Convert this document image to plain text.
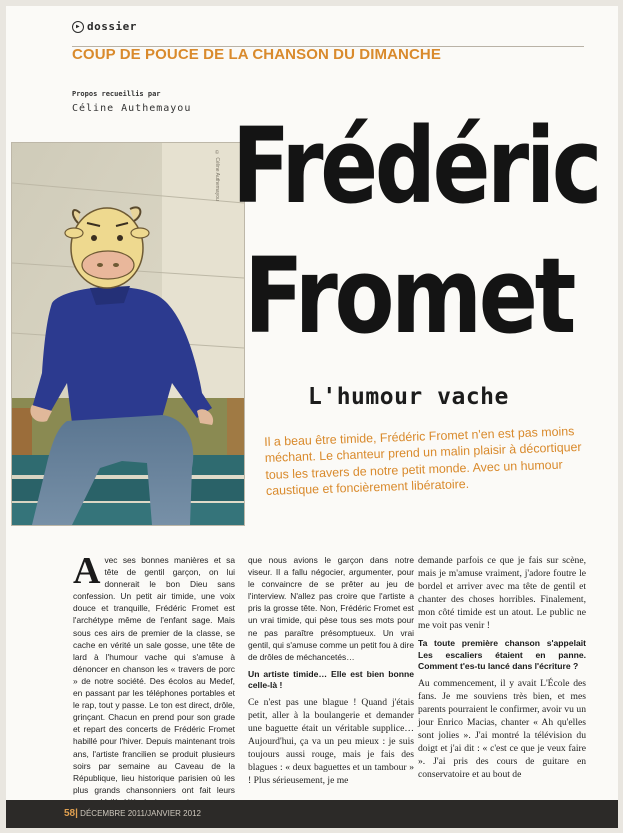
▶ dossier
COUP DE POUCE DE LA CHANSON DU DIMANCHE
Propos recueillis par
Céline Authemayou
© Céline Authemayou Frédéric
Fromet
L'humour vache
Il a beau être timide, Frédéric Fromet n'en est pas moins méchant. Le chanteur prend un malin plaisir à décortiquer tous les travers de notre petit monde. Avec un humour caustique et foncièrement libératoire.
A vec ses bonnes manières et sa tête de gentil garçon, on lui donnerait le bon Dieu sans confession. Un petit air timide, une voix douce et tranquille, Frédéric Fromet est l'archétype même de l'enfant sage. Mais sous ces airs de premier de la classe, se cache en vérité un sale gosse, une tête de lard à l'humour vache qui s'amuse à dénoncer en chanson les « travers de porc » de notre société. Des écolos au Medef, en passant par les téléphones portables et le rap, tout y passe. Le ton est direct, drôle, grinçant. Chacun en prend pour son grade et repart des concerts de Frédéric Fromet habillé pour l'hiver. Depuis maintenant trois ans, l'artiste francilien se produit plusieurs soirs par semaine au Caveau de la République, lieu historique parisien où les plus grands chansonniers ont fait leurs

que nous avions le garçon dans notre viseur. Il a fallu négocier, argumenter, pour le convaincre de se prêter au jeu de l'interview. N'allez pas croire que l'artiste a pris la grosse tête. Non, Frédéric Fromet est un vrai timide, qui pèse tous ses mots pour ne pas paraître présomptueux. Un vrai gentil, qui s'amuse comme un petit fou à dire de drôles de méchancetés…

Un artiste timide… Elle est bien bonne celle-là !

Ce n'est pas une blague ! Quand j'étais petit, aller à la boulangerie et demander une baguette était un véritable supplice… Aujourd'hui, ça va un peu mieux : je suis toujours aussi rouge, mais je fais des blagues : « deux baguettes et un tambour » ! Plus sérieusement, je me

demande parfois ce que je fais sur scène, mais je m'amuse vraiment, j'adore foutre le bordel et arriver avec ma tête de gentil et chanter des choses horribles. Finalement, mon côté timide est un atout. Le public ne me voit pas venir !

Ta toute première chanson s'appelait Les escaliers étaient en panne. Comment t'es-tu lancé dans l'écriture ?

Au commencement, il y avait L'École des fans. Je me souviens très bien, et mes parents pourraient le confirmer, avoir vu un jour Enrico Macias, chanter « Ah qu'elles sont jolies ». J'ai montré la télévision du doigt et j'ai dit : « c'est ce que je veux faire ». J'ai pris des cours de guitare en conservatoire et au bout de

58| DÉCEMBRE 2011/JANVIER 2012
